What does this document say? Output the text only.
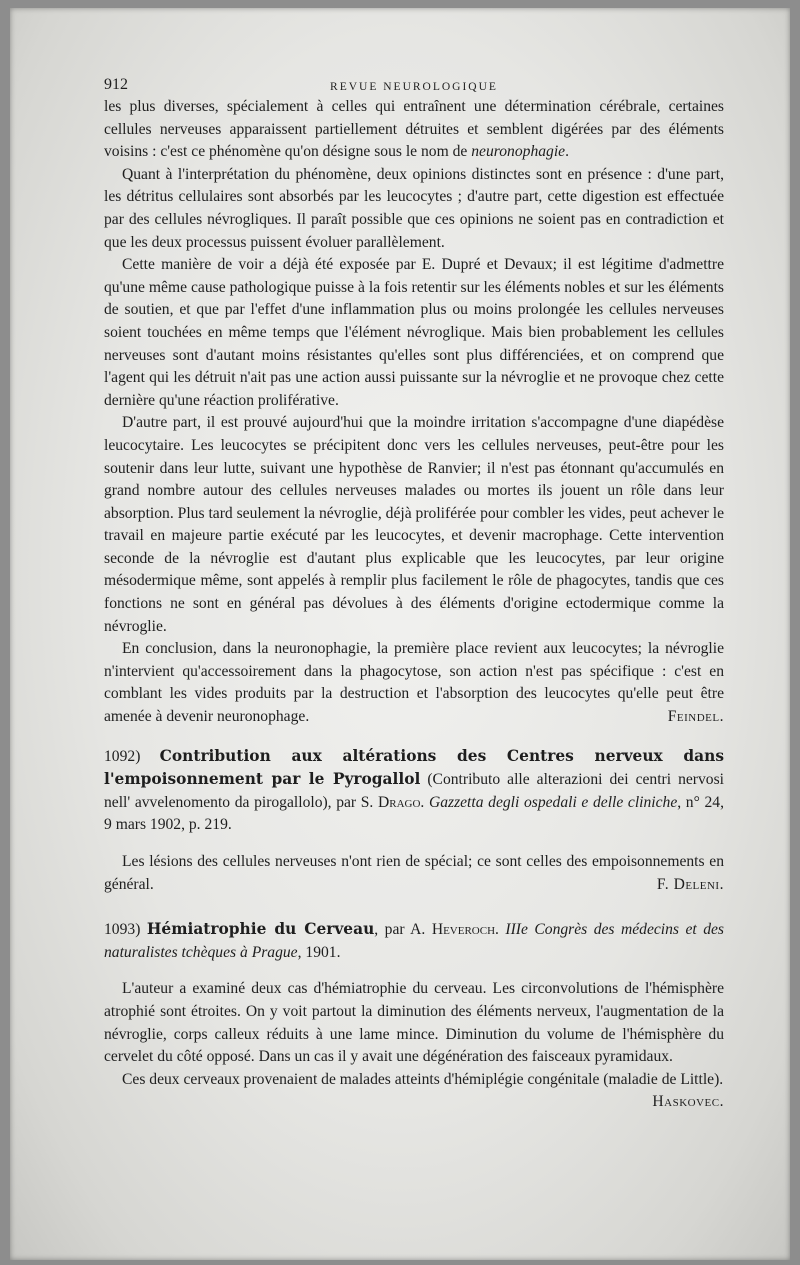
912	REVUE NEUROLOGIQUE

les plus diverses, spécialement à celles qui entraînent une détermination cérébrale, certaines cellules nerveuses apparaissent partiellement détruites et semblent digérées par des éléments voisins : c'est ce phénomène qu'on désigne sous le nom de neuronophagie.

Quant à l'interprétation du phénomène, deux opinions distinctes sont en présence : d'une part, les détritus cellulaires sont absorbés par les leucocytes ; d'autre part, cette digestion est effectuée par des cellules névrogliques. Il paraît possible que ces opinions ne soient pas en contradiction et que les deux processus puissent évoluer parallèlement.

Cette manière de voir a déjà été exposée par E. Dupré et Devaux; il est légitime d'admettre qu'une même cause pathologique puisse à la fois retentir sur les éléments nobles et sur les éléments de soutien, et que par l'effet d'une inflammation plus ou moins prolongée les cellules nerveuses soient touchées en même temps que l'élément névroglique. Mais bien probablement les cellules nerveuses sont d'autant moins résistantes qu'elles sont plus différenciées, et on comprend que l'agent qui les détruit n'ait pas une action aussi puissante sur la névroglie et ne provoque chez cette dernière qu'une réaction proliférative.

D'autre part, il est prouvé aujourd'hui que la moindre irritation s'accompagne d'une diapédèse leucocytaire. Les leucocytes se précipitent donc vers les cellules nerveuses, peut-être pour les soutenir dans leur lutte, suivant une hypothèse de Ranvier; il n'est pas étonnant qu'accumulés en grand nombre autour des cellules nerveuses malades ou mortes ils jouent un rôle dans leur absorption. Plus tard seulement la névroglie, déjà proliférée pour combler les vides, peut achever le travail en majeure partie exécuté par les leucocytes, et devenir macrophage. Cette intervention seconde de la névroglie est d'autant plus explicable que les leucocytes, par leur origine mésodermique même, sont appelés à remplir plus facilement le rôle de phagocytes, tandis que ces fonctions ne sont en général pas dévolues à des éléments d'origine ectodermique comme la névroglie.

En conclusion, dans la neuronophagie, la première place revient aux leucocytes; la névroglie n'intervient qu'accessoirement dans la phagocytose, son action n'est pas spécifique : c'est en comblant les vides produits par la destruction et l'absorption des leucocytes qu'elle peut être amenée à devenir neuronophage.	Feindel.

1092) Contribution aux altérations des Centres nerveux dans l'empoisonnement par le Pyrogallol (Contributo alle alterazioni dei centri nervosi nell' avvelenomento da pirogallolo), par S. Drago. Gazzetta degli ospedali e delle cliniche, n° 24, 9 mars 1902, p. 219.

Les lésions des cellules nerveuses n'ont rien de spécial; ce sont celles des empoisonnements en général.	F. Deleni.

1093) Hémiatrophie du Cerveau, par A. Heveroch. IIIe Congrès des médecins et des naturalistes tchèques à Prague, 1901.

L'auteur a examiné deux cas d'hémiatrophie du cerveau. Les circonvolutions de l'hémisphère atrophié sont étroites. On y voit partout la diminution des éléments nerveux, l'augmentation de la névroglie, corps calleux réduits à une lame mince. Diminution du volume de l'hémisphère du cervelet du côté opposé. Dans un cas il y avait une dégénération des faisceaux pyramidaux.

Ces deux cerveaux provenaient de malades atteints d'hémiplégie congénitale (maladie de Little).
Haskovec.
